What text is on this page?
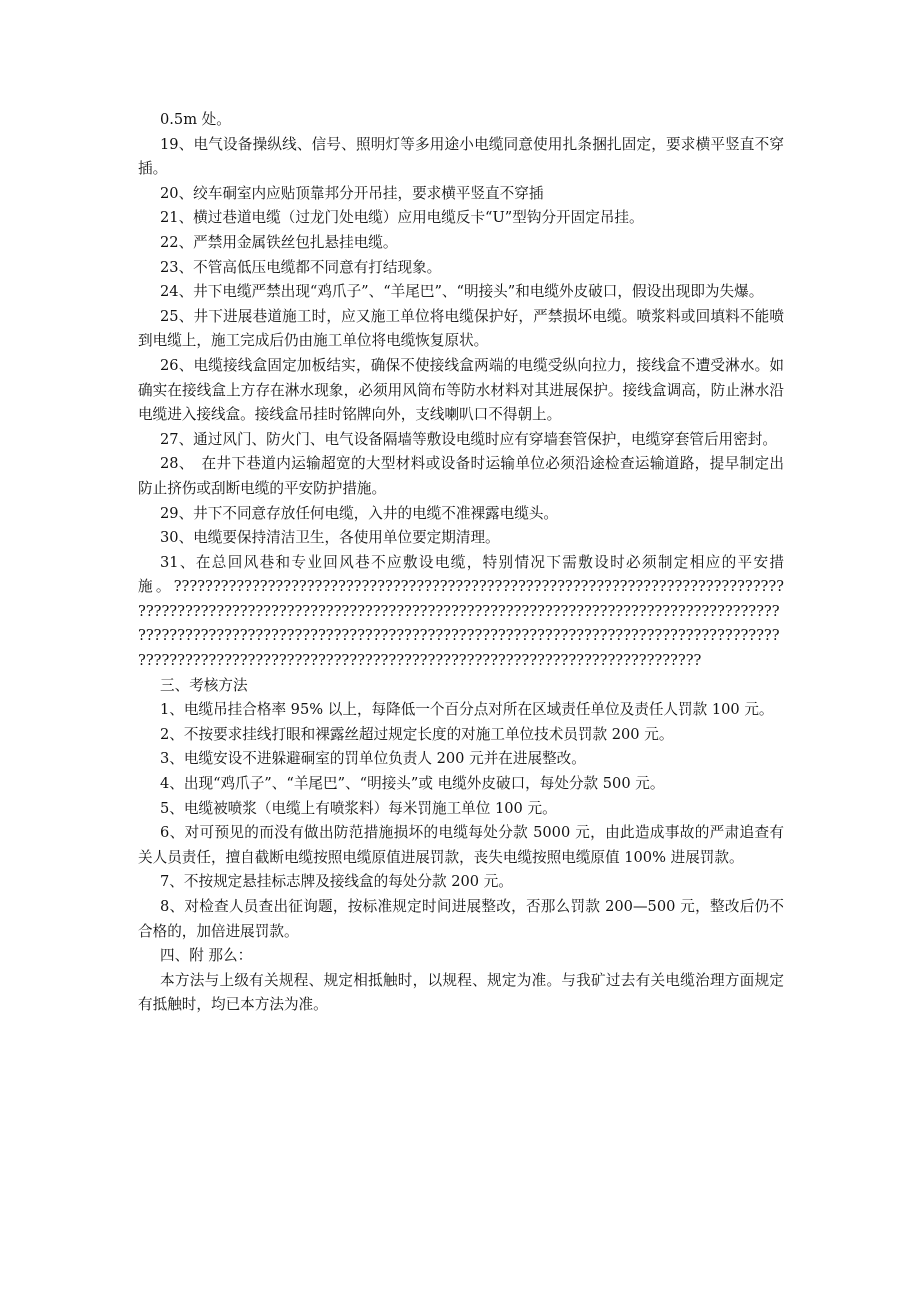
0.5m 处。

19、电气设备操纵线、信号、照明灯等多用途小电缆同意使用扎条捆扎固定，要求横平竖直不穿插。

20、绞车硐室内应贴顶靠邦分开吊挂，要求横平竖直不穿插

21、横过巷道电缆（过龙门处电缆）应用电缆反卡“U”型钩分开固定吊挂。

22、严禁用金属铁丝包扎悬挂电缆。

23、不管高低压电缆都不同意有打结现象。

24、井下电缆严禁出现“鸡爪子”、“羊尾巴”、“明接头”和电缆外皮破口，假设出现即为失爆。

25、井下进展巷道施工时，应又施工单位将电缆保护好，严禁损坏电缆。喷浆料或回填料不能喷到电缆上，施工完成后仍由施工单位将电缆恢复原状。

26、电缆接线盒固定加板结实，确保不使接线盒两端的电缆受纵向拉力，接线盒不遭受淋水。如确实在接线盒上方存在淋水现象，必须用风筒布等防水材料对其进展保护。接线盒调高，防止淋水沿电缆进入接线盒。接线盒吊挂时铭牌向外，支线喇叭口不得朝上。

27、通过风门、防火门、电气设备隔墙等敷设电缆时应有穿墙套管保护，电缆穿套管后用密封。

28、　在井下巷道内运输超宽的大型材料或设备时运输单位必须沿途检查运输道路，提早制定出防止挤伤或刮断电缆的平安防护措施。

29、井下不同意存放任何电缆，入井的电缆不准裸露电缆头。

30、电缆要保持清洁卫生，各使用单位要定期清理。

31、在总回风巷和专业回风巷不应敷设电缆，特别情况下需敷设时必须制定相应的平安措施。??????????????????????????????????????????????????????????????????????????????????????????????????????????????????????????????????????????????????????????????????????????????????????????????????????????????????????????????????????????????????????????????????????????????????????????????????????????????????????????

三、考核方法

1、电缆吊挂合格率 95% 以上，每降低一个百分点对所在区域责任单位及责任人罚款 100 元。

2、不按要求挂线打眼和裸露丝超过规定长度的对施工单位技术员罚款 200 元。

3、电缆安设不进躲避硐室的罚单位负责人 200 元并在进展整改。

4、出现“鸡爪子”、“羊尾巴”、“明接头”或 电缆外皮破口，每处分款 500 元。

5、电缆被喷浆（电缆上有喷浆料）每米罚施工单位 100 元。

6、对可预见的而没有做出防范措施损坏的电缆每处分款 5000 元，由此造成事故的严肃追查有关人员责任，擅自截断电缆按照电缆原值进展罚款，丧失电缆按照电缆原值 100% 进展罚款。

7、不按规定悬挂标志牌及接线盒的每处分款 200 元。

8、对检查人员查出征询题，按标准规定时间进展整改，否那么罚款 200—500 元，整改后仍不合格的，加倍进展罚款。

四、附 那么：

本方法与上级有关规程、规定相抵触时，以规程、规定为准。与我矿过去有关电缆治理方面规定有抵触时，均已本方法为准。
